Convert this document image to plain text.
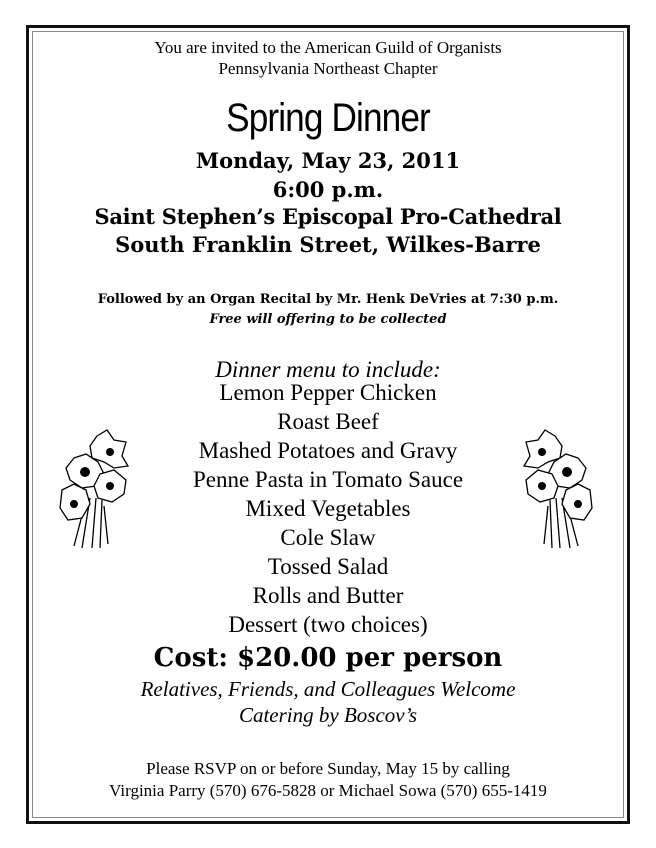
You are invited to the American Guild of Organists
Pennsylvania Northeast Chapter
Spring Dinner
Monday, May 23, 2011
6:00 p.m.
Saint Stephen’s Episcopal Pro-Cathedral
South Franklin Street, Wilkes-Barre
Followed by an Organ Recital by Mr. Henk DeVries at 7:30 p.m.
Free will offering to be collected
Dinner menu to include:
Lemon Pepper Chicken
Roast Beef
Mashed Potatoes and Gravy
Penne Pasta in Tomato Sauce
Mixed Vegetables
Cole Slaw
Tossed Salad
Rolls and Butter
Dessert (two choices)
Cost: $20.00 per person
Relatives, Friends, and Colleagues Welcome
Catering by Boscov’s
Please RSVP on or before Sunday, May 15 by calling
Virginia Parry (570) 676-5828 or Michael Sowa (570) 655-1419
